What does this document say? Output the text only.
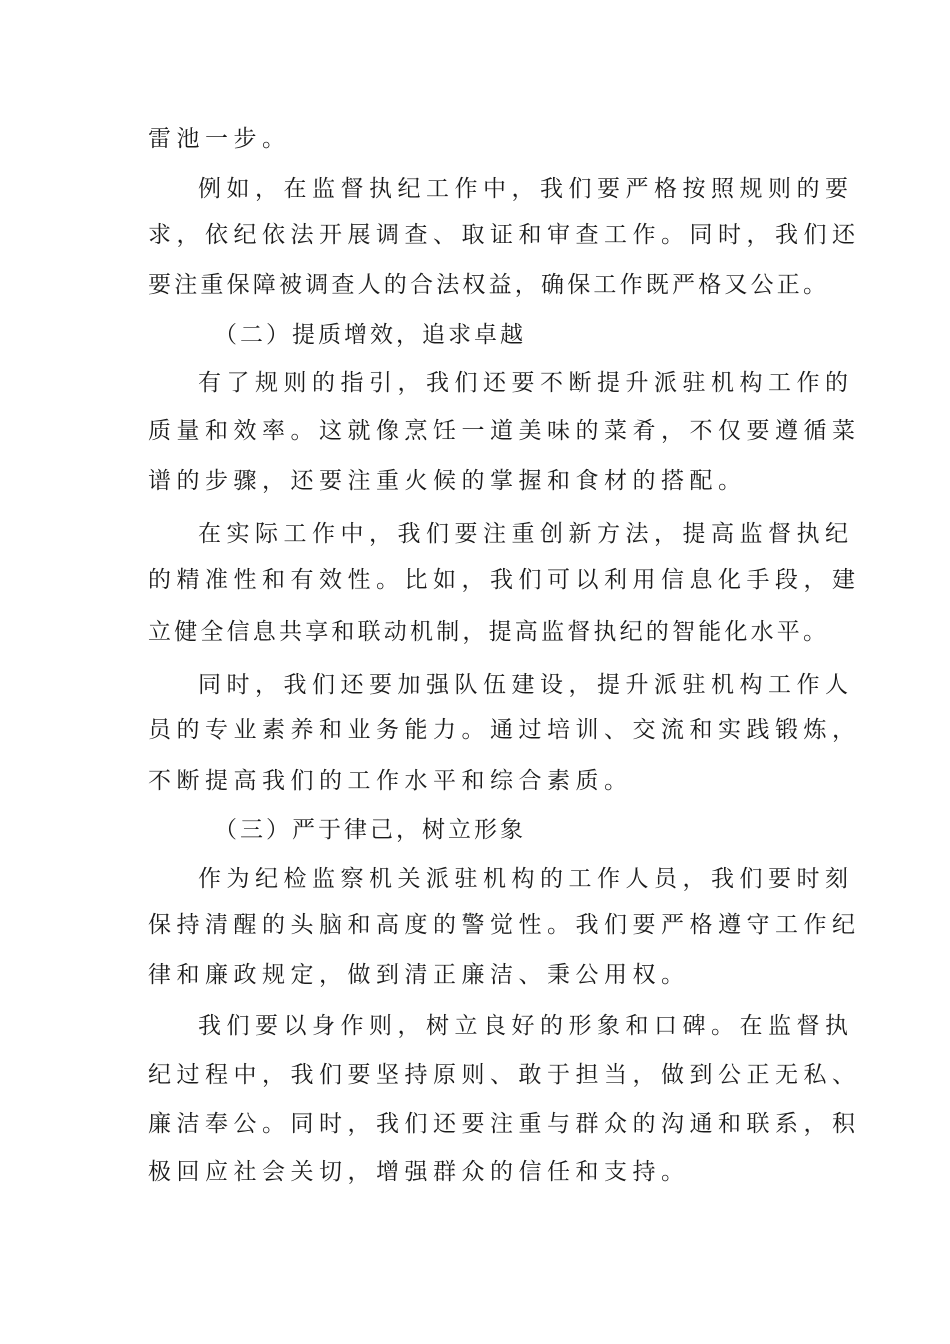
雷池一步。
例如，在监督执纪工作中，我们要严格按照规则的要
求，依纪依法开展调查、取证和审查工作。同时，我们还
要注重保障被调查人的合法权益，确保工作既严格又公正。
（二）提质增效，追求卓越
有了规则的指引，我们还要不断提升派驻机构工作的
质量和效率。这就像烹饪一道美味的菜肴，不仅要遵循菜
谱的步骤，还要注重火候的掌握和食材的搭配。
在实际工作中，我们要注重创新方法，提高监督执纪
的精准性和有效性。比如，我们可以利用信息化手段，建
立健全信息共享和联动机制，提高监督执纪的智能化水平。
同时，我们还要加强队伍建设，提升派驻机构工作人
员的专业素养和业务能力。通过培训、交流和实践锻炼，
不断提高我们的工作水平和综合素质。
（三）严于律己，树立形象
作为纪检监察机关派驻机构的工作人员，我们要时刻
保持清醒的头脑和高度的警觉性。我们要严格遵守工作纪
律和廉政规定，做到清正廉洁、秉公用权。
我们要以身作则，树立良好的形象和口碑。在监督执
纪过程中，我们要坚持原则、敢于担当，做到公正无私、
廉洁奉公。同时，我们还要注重与群众的沟通和联系，积
极回应社会关切，增强群众的信任和支持。
